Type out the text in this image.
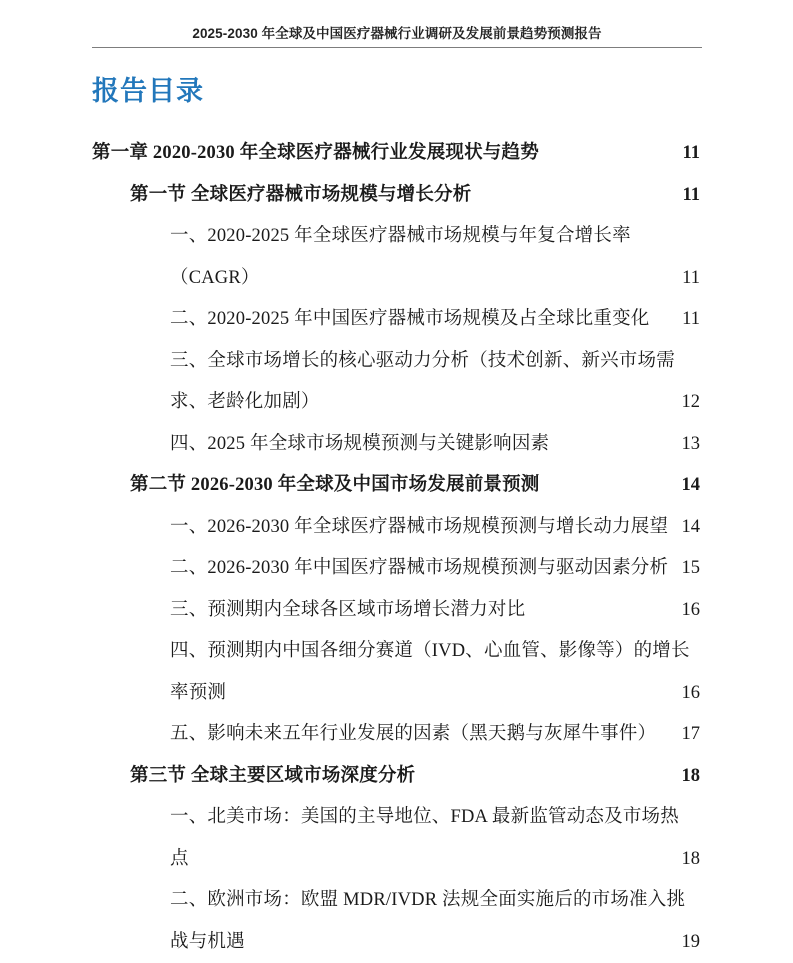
2025-2030 年全球及中国医疗器械行业调研及发展前景趋势预测报告
报告目录
第一章 2020-2030 年全球医疗器械行业发展现状与趋势 .....	11
第一节 全球医疗器械市场规模与增长分析 .....	11
一、2020-2025 年全球医疗器械市场规模与年复合增长率
（CAGR） .....	11
二、2020-2025 年中国医疗器械市场规模及占全球比重变化 ..... 11
三、全球市场增长的核心驱动力分析（技术创新、新兴市场需
求、老龄化加剧） .....	12
四、2025 年全球市场规模预测与关键影响因素 .....	13
第二节 2026-2030 年全球及中国市场发展前景预测 .....	14
一、2026-2030 年全球医疗器械市场规模预测与增长动力展望 ..... 14
二、2026-2030 年中国医疗器械市场规模预测与驱动因素分析 ..... 15
三、预测期内全球各区域市场增长潜力对比 .....	16
四、预测期内中国各细分赛道（IVD、心血管、影像等）的增长
率预测 .....	16
五、影响未来五年行业发展的因素（黑天鹅与灰犀牛事件） ..... 17
第三节 全球主要区域市场深度分析 .....	18
一、北美市场：美国的主导地位、FDA 最新监管动态及市场热
点 .....	18
二、欧洲市场：欧盟 MDR/IVDR 法规全面实施后的市场准入挑
战与机遇 .....	19
